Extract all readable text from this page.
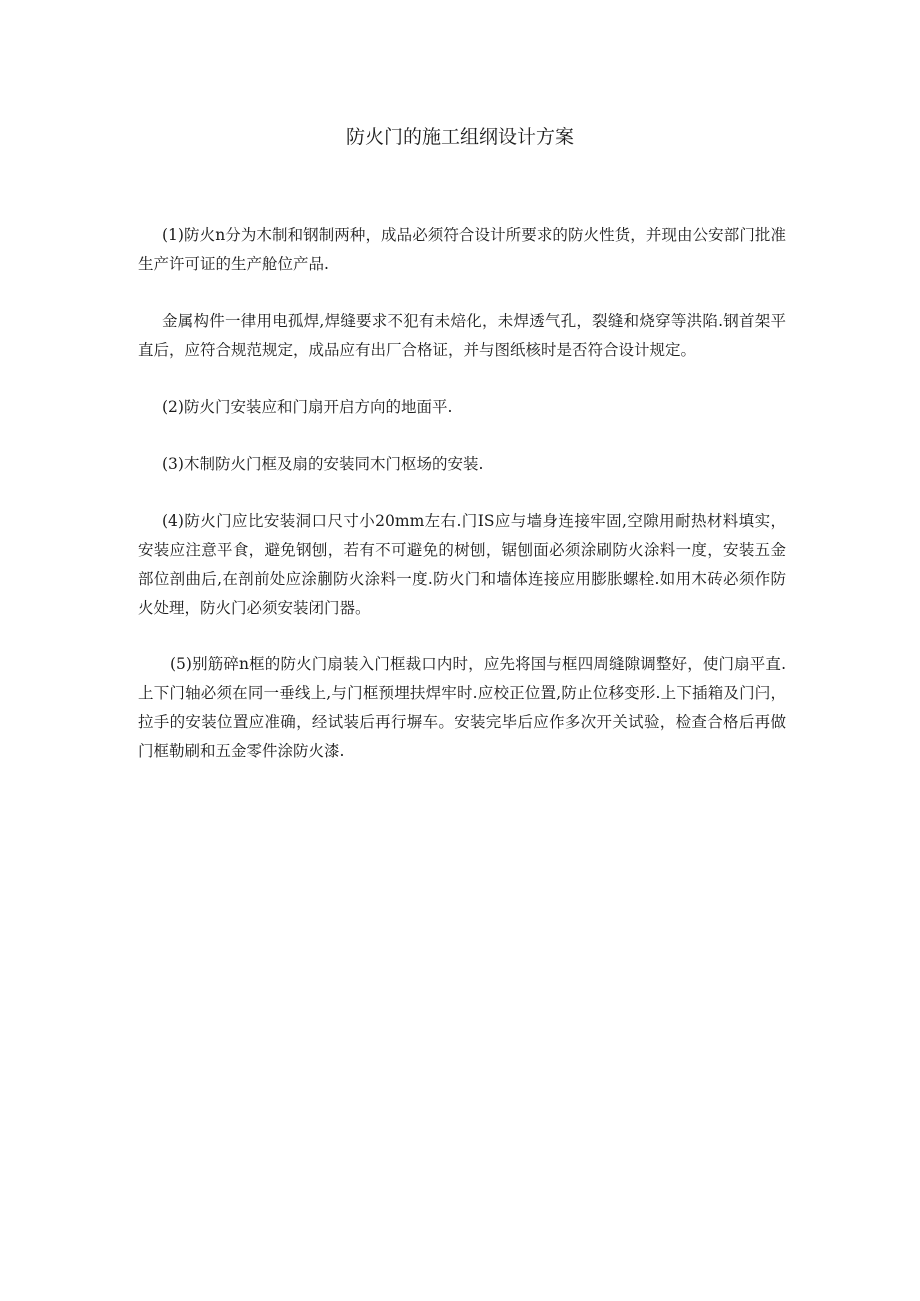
防火门的施工组纲设计方案

(1)防火n分为木制和钢制两种，成品必须符合设计所要求的防火性货，并现由公安部门批准生产许可证的生产舱位产品.

金属构件一律用电孤焊,焊缝要求不犯有未焙化，未焊透气孔，裂缝和烧穿等洪陷.钢首架平直后，应符合规范规定，成品应有出厂合格证，并与图纸核时是否符合设计规定。

(2)防火门安装应和门扇开启方向的地面平.

(3)木制防火门框及扇的安装同木门枢场的安装.

(4)防火门应比安装洞口尺寸小20mm左右.门IS应与墙身连接牢固,空隙用耐热材料填实，安装应注意平食，避免钢刨，若有不可避免的树刨，锯刨面必须涂刷防火涂料一度，安装五金部位剖曲后,在剖前处应涂蒯防火涂料一度.防火门和墙体连接应用膨胀螺栓.如用木砖必须作防火处理，防火门必须安装闭门器。

(5)别筋碎n框的防火门扇装入门框裁口内时，应先将国与框四周缝隙调整好，使门扇平直.上下门轴必须在同一垂线上,与门框预埋扶焊牢时.应校正位置,防止位移变形.上下插箱及门闩，拉手的安装位置应准确，经试装后再行塀车。安装完毕后应作多次开关试验，检查合格后再做门框勒刷和五金零件涂防火漆.
